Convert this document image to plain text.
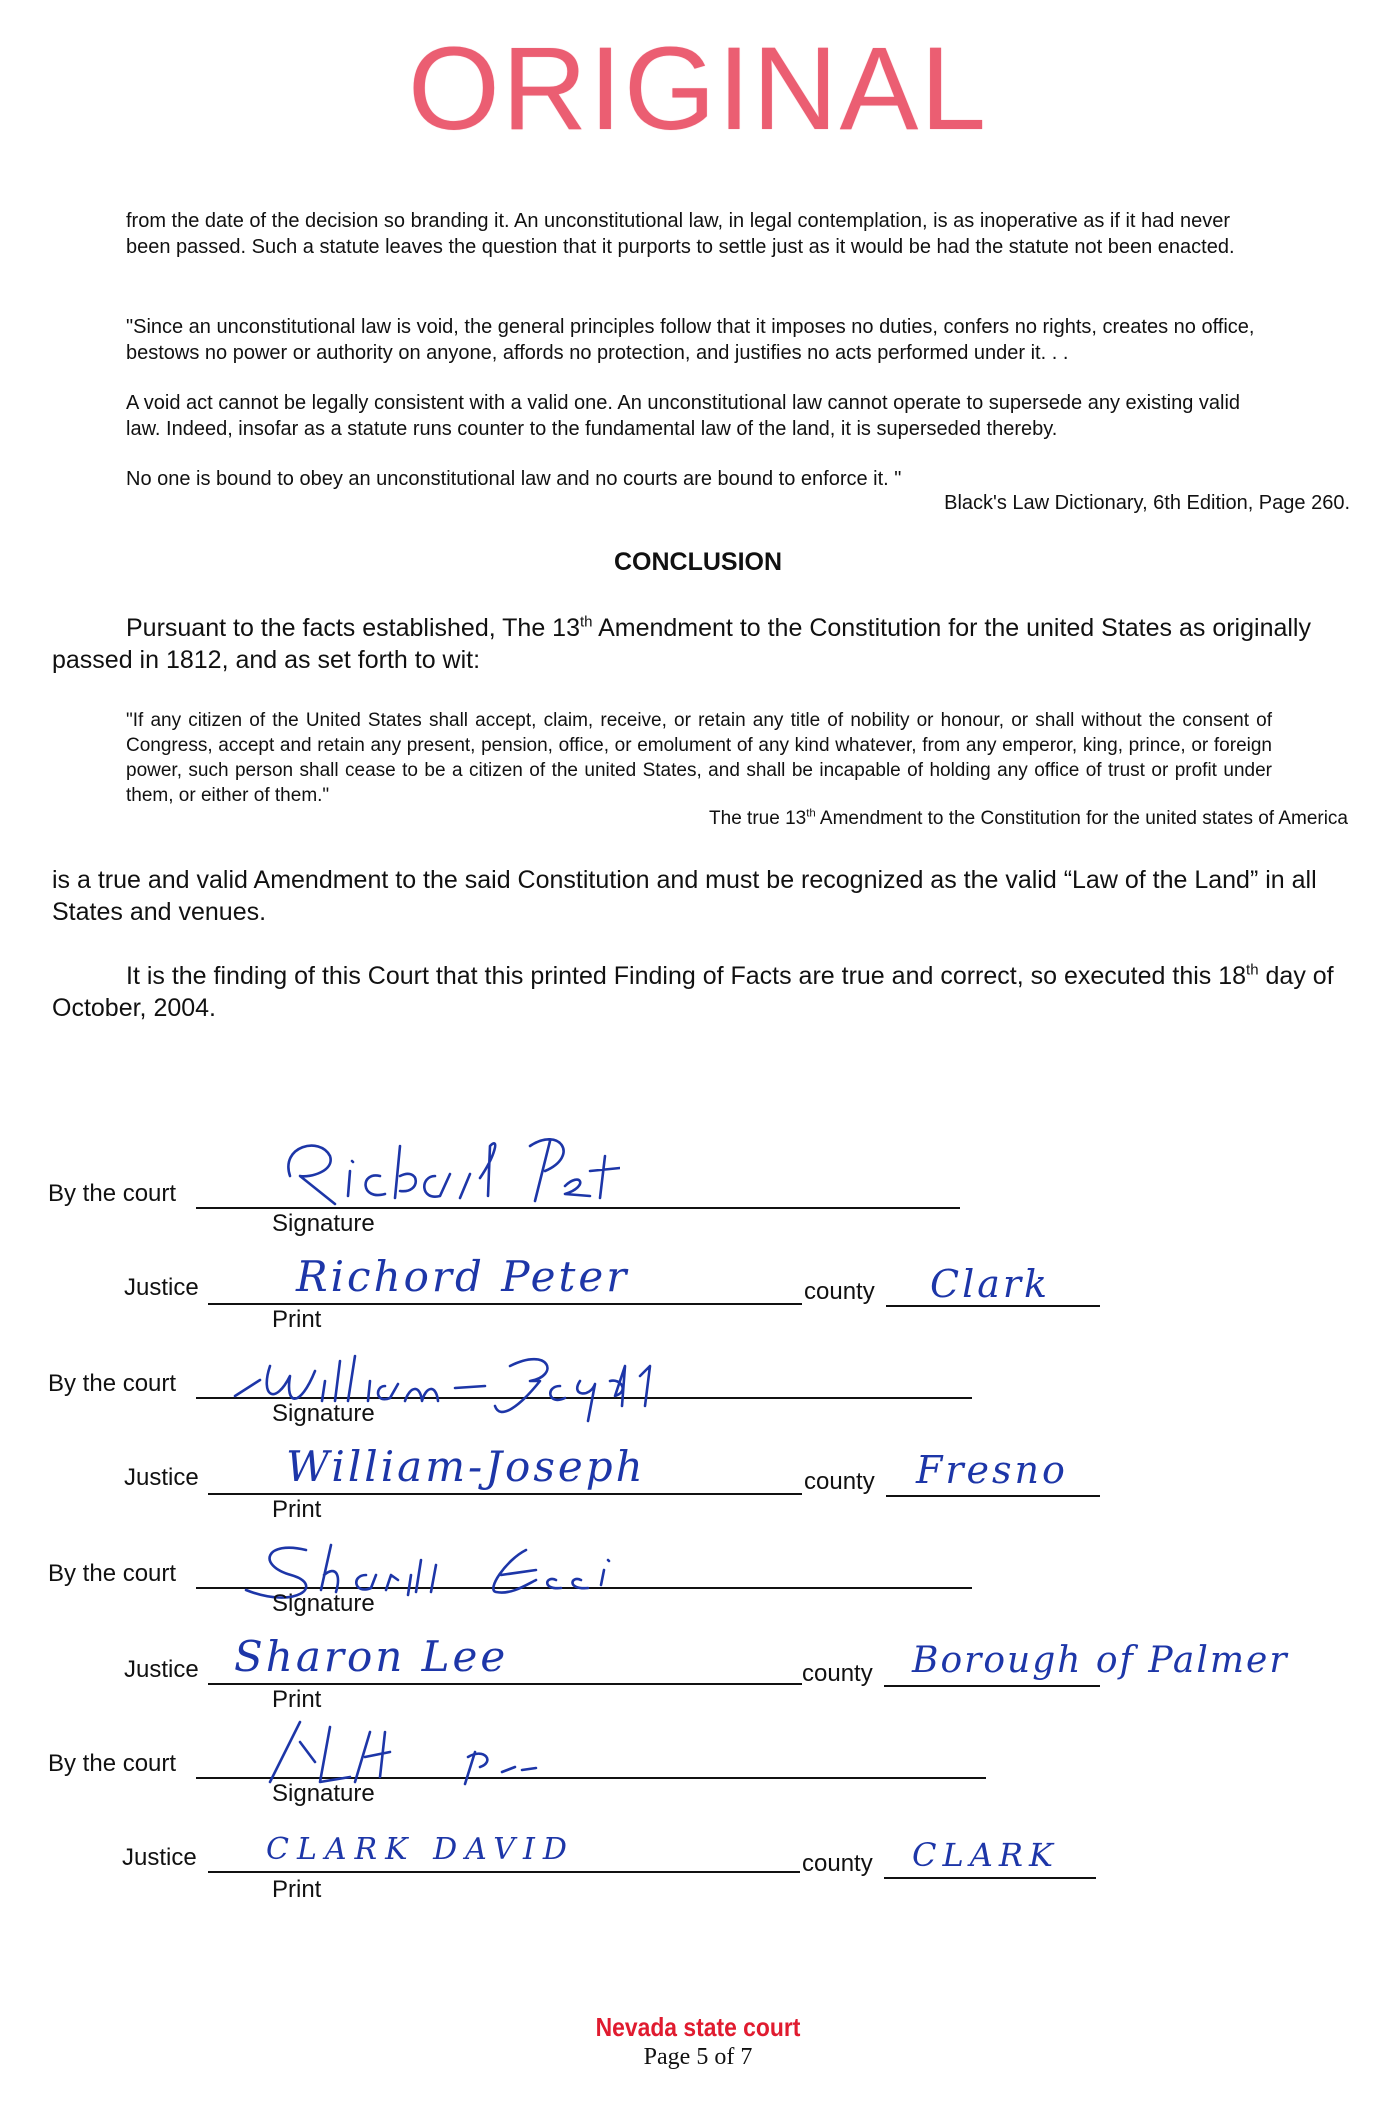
ORIGINAL
from the date of the decision so branding it. An unconstitutional law, in legal contemplation, is as inoperative as if it had never been passed. Such a statute leaves the question that it purports to settle just as it would be had the statute not been enacted.
"Since an unconstitutional law is void, the general principles follow that it imposes no duties, confers no rights, creates no office, bestows no power or authority on anyone, affords no protection, and justifies no acts performed under it. . .
A void act cannot be legally consistent with a valid one. An unconstitutional law cannot operate to supersede any existing valid law. Indeed, insofar as a statute runs counter to the fundamental law of the land, it is superseded thereby.
No one is bound to obey an unconstitutional law and no courts are bound to enforce it. "
Black's Law Dictionary, 6th Edition, Page 260.
CONCLUSION
Pursuant to the facts established, The 13th Amendment to the Constitution for the united States as originally passed in 1812, and as set forth to wit:
"If any citizen of the United States shall accept, claim, receive, or retain any title of nobility or honour, or shall without the consent of Congress, accept and retain any present, pension, office, or emolument of any kind whatever, from any emperor, king, prince, or foreign power, such person shall cease to be a citizen of the united States, and shall be incapable of holding any office of trust or profit under them, or either of them."
The true 13th Amendment to the Constitution for the united states of America
is a true and valid Amendment to the said Constitution and must be recognized as the valid “Law of the Land” in all States and venues.
It is the finding of this Court that this printed Finding of Facts are true and correct, so executed this 18th day of October, 2004.
By the court
Signature
Justice Richord Peter
Print
county Clark
By the court
Signature
Justice William-Joseph
Print
county Fresno
By the court
Signature
Justice Sharon Lee
Print
county Borough of Palmer
By the court
Signature
Justice CLARK DAVID
Print
county CLARK
Nevada state court
Page 5 of 7
